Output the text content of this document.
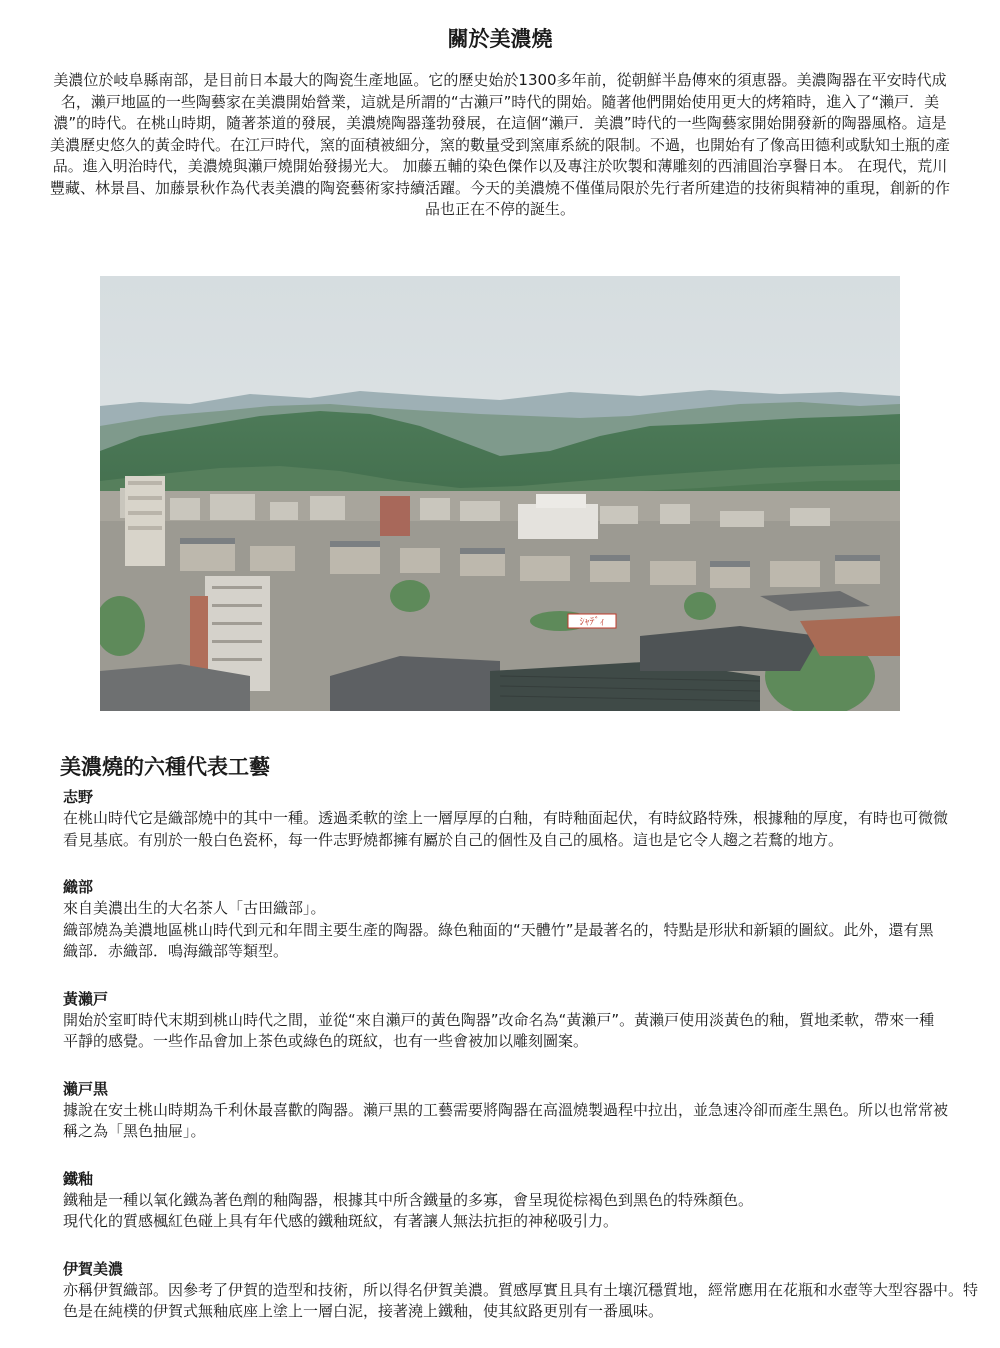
關於美濃燒

美濃位於岐阜縣南部，是目前日本最大的陶瓷生產地區。它的歷史始於1300多年前，從朝鮮半島傳來的須恵器。美濃陶器在平安時代成名，瀨戸地區的一些陶藝家在美濃開始營業，這就是所謂的“古瀨戸”時代的開始。隨著他們開始使用更大的烤箱時，進入了“瀨戸．美濃”的時代。在桃山時期，隨著茶道的發展，美濃燒陶器蓬勃發展，在這個“瀨戸．美濃”時代的一些陶藝家開始開發新的陶器風格。這是美濃歷史悠久的黃金時代。在江戸時代，窯的面積被細分，窯的數量受到窯庫系統的限制。不過，也開始有了像高田德利或馱知土瓶的產品。進入明治時代，美濃燒與瀨戸燒開始發揚光大。 加藤五輔的染色傑作以及專注於吹製和薄雕刻的西浦圓治享譽日本。 在現代，荒川豐藏、林景昌、加藤景秋作為代表美濃的陶瓷藝術家持續活躍。今天的美濃燒不僅僅局限於先行者所建造的技術與精神的重現，創新的作品也正在不停的誕生。

ｼｬﾃﾞｨ
美濃燒的六種代表工藝

志野

在桃山時代它是織部燒中的其中一種。透過柔軟的塗上一層厚厚的白釉，有時釉面起伏，有時紋路特殊，根據釉的厚度，有時也可微微看見基底。有別於一般白色瓷杯，每一件志野燒都擁有屬於自己的個性及自己的風格。這也是它令人趨之若鶩的地方。

織部

來自美濃出生的大名茶人「古田織部」。

織部燒為美濃地區桃山時代到元和年間主要生產的陶器。綠色釉面的“天體竹”是最著名的，特點是形狀和新穎的圖紋。此外，還有黑織部．赤織部．鳴海織部等類型。

黃瀨戸

開始於室町時代末期到桃山時代之間，並從“來自瀨戸的黃色陶器”改命名為“黃瀨戸”。黃瀨戸使用淡黃色的釉，質地柔軟，帶來一種平靜的感覺。一些作品會加上茶色或綠色的斑紋，也有一些會被加以雕刻圖案。

瀨戸黒

據說在安土桃山時期為千利休最喜歡的陶器。瀨戸黒的工藝需要將陶器在高溫燒製過程中拉出，並急速冷卻而產生黑色。所以也常常被稱之為「黑色抽屉」。

鐵釉

鐵釉是一種以氧化鐵為著色劑的釉陶器，根據其中所含鐵量的多寡，會呈現從棕褐色到黑色的特殊顏色。

現代化的質感楓紅色碰上具有年代感的鐵釉斑紋，有著讓人無法抗拒的神秘吸引力。

伊賀美濃

亦稱伊賀織部。因參考了伊賀的造型和技術，所以得名伊賀美濃。質感厚實且具有土壤沉穩質地，經常應用在花瓶和水壺等大型容器中。特色是在純樸的伊賀式無釉底座上塗上一層白泥，接著澆上鐵釉，使其紋路更別有一番風味。
